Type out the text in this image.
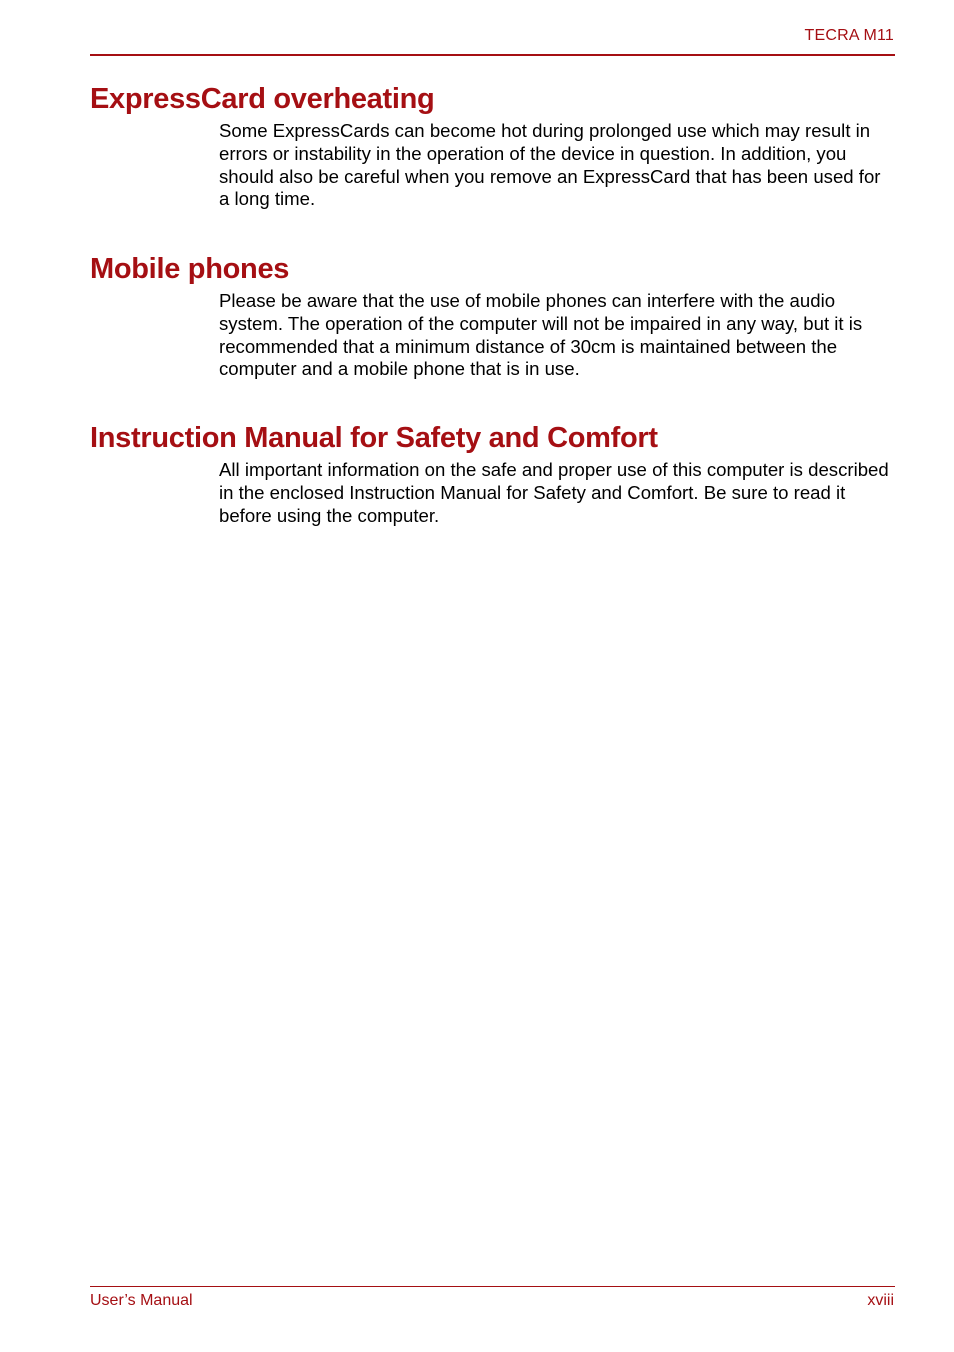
TECRA M11
ExpressCard overheating

Some ExpressCards can become hot during prolonged use which may result in errors or instability in the operation of the device in question. In addition, you should also be careful when you remove an ExpressCard that has been used for a long time.

Mobile phones

Please be aware that the use of mobile phones can interfere with the audio system. The operation of the computer will not be impaired in any way, but it is recommended that a minimum distance of 30cm is maintained between the computer and a mobile phone that is in use.

Instruction Manual for Safety and Comfort

All important information on the safe and proper use of this computer is described in the enclosed Instruction Manual for Safety and Comfort. Be sure to read it before using the computer.

User’s Manual	xviii
